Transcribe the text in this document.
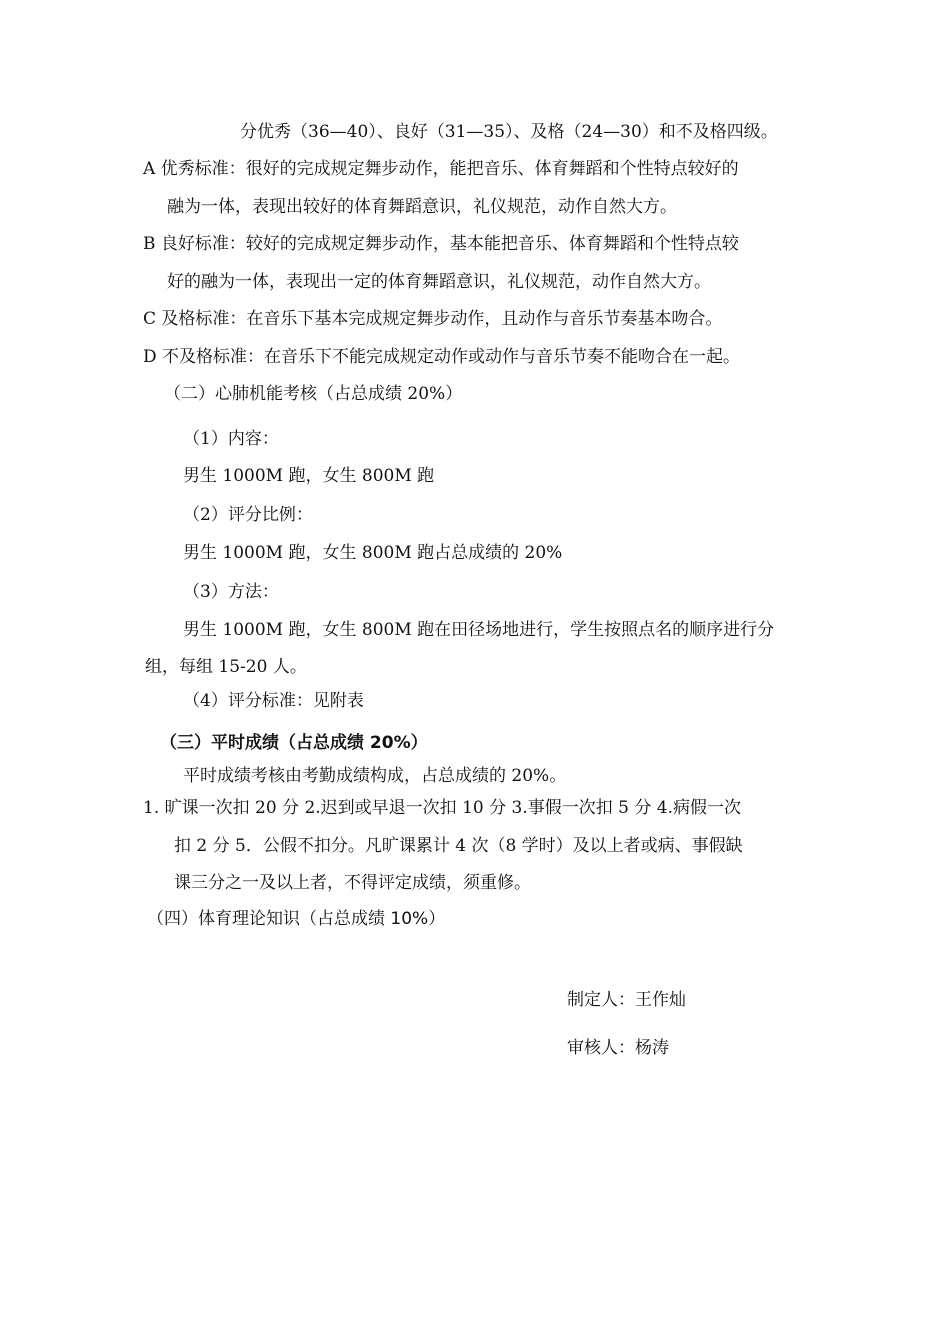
分优秀（36—40）、良好（31—35）、及格（24—30）和不及格四级。
A 优秀标准：很好的完成规定舞步动作，能把音乐、体育舞蹈和个性特点较好的
融为一体，表现出较好的体育舞蹈意识，礼仪规范，动作自然大方。
B 良好标准：较好的完成规定舞步动作，基本能把音乐、体育舞蹈和个性特点较
好的融为一体，表现出一定的体育舞蹈意识，礼仪规范，动作自然大方。
C 及格标准：在音乐下基本完成规定舞步动作，且动作与音乐节奏基本吻合。
D 不及格标准：在音乐下不能完成规定动作或动作与音乐节奏不能吻合在一起。
（二）心肺机能考核（占总成绩 20%）
（1）内容：
男生 1000M 跑，女生 800M 跑
（2）评分比例：
男生 1000M 跑，女生 800M 跑占总成绩的 20%
（3）方法：
男生 1000M 跑，女生 800M 跑在田径场地进行，学生按照点名的顺序进行分
组，每组 15-20 人。
（4）评分标准：见附表
（三）平时成绩（占总成绩 20%）
平时成绩考核由考勤成绩构成，占总成绩的 20%。
1. 旷课一次扣 20 分 2.迟到或早退一次扣 10 分 3.事假一次扣 5 分 4.病假一次
扣 2 分 5．公假不扣分。凡旷课累计 4 次（8 学时）及以上者或病、事假缺
课三分之一及以上者，不得评定成绩，须重修。
（四）体育理论知识（占总成绩 10%）
制定人：王作灿
审核人：杨涛
